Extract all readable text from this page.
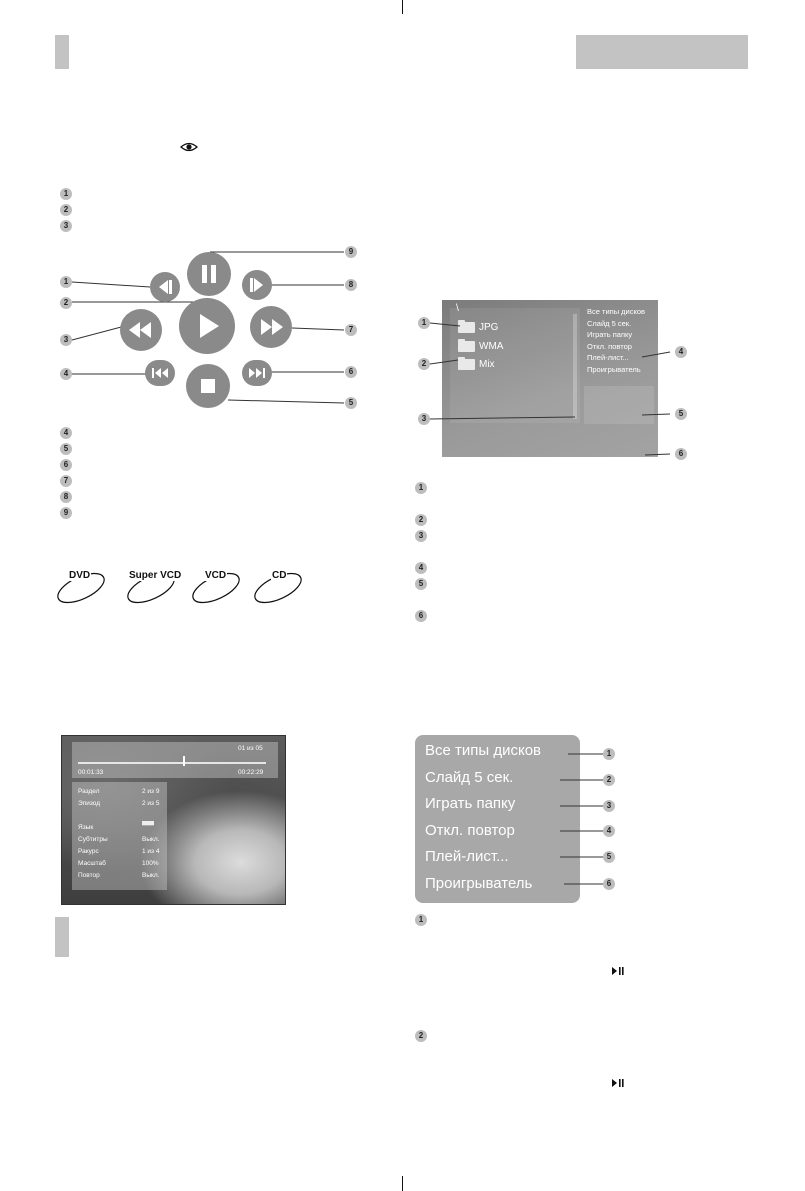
1
2
3
1
2
3
4
5
6
7
8
9
4
5
6
7
8
9
DVD	Super VCD VCD	CD
01 из 05
00:01:33	00:22:29
Раздел	2 из 9
Эпизод	2 из 5
Язык
Субтитры	Выкл.
Ракурс	1 из 4
Масштаб	100%
Повтор	Выкл.
\
JPG
WMA
Mix
Все типы дисков
Слайд 5 сек.
Играть папку
Откл. повтор
Плей-лист...
Проигрыватель
1
2
3
4
5
6
1
2
3
4
5
6
Все типы дисков
Слайд 5 сек.
Играть папку
Откл. повтор
Плей-лист...
Проигрыватель
1
2
3
4
5
6
1
2
